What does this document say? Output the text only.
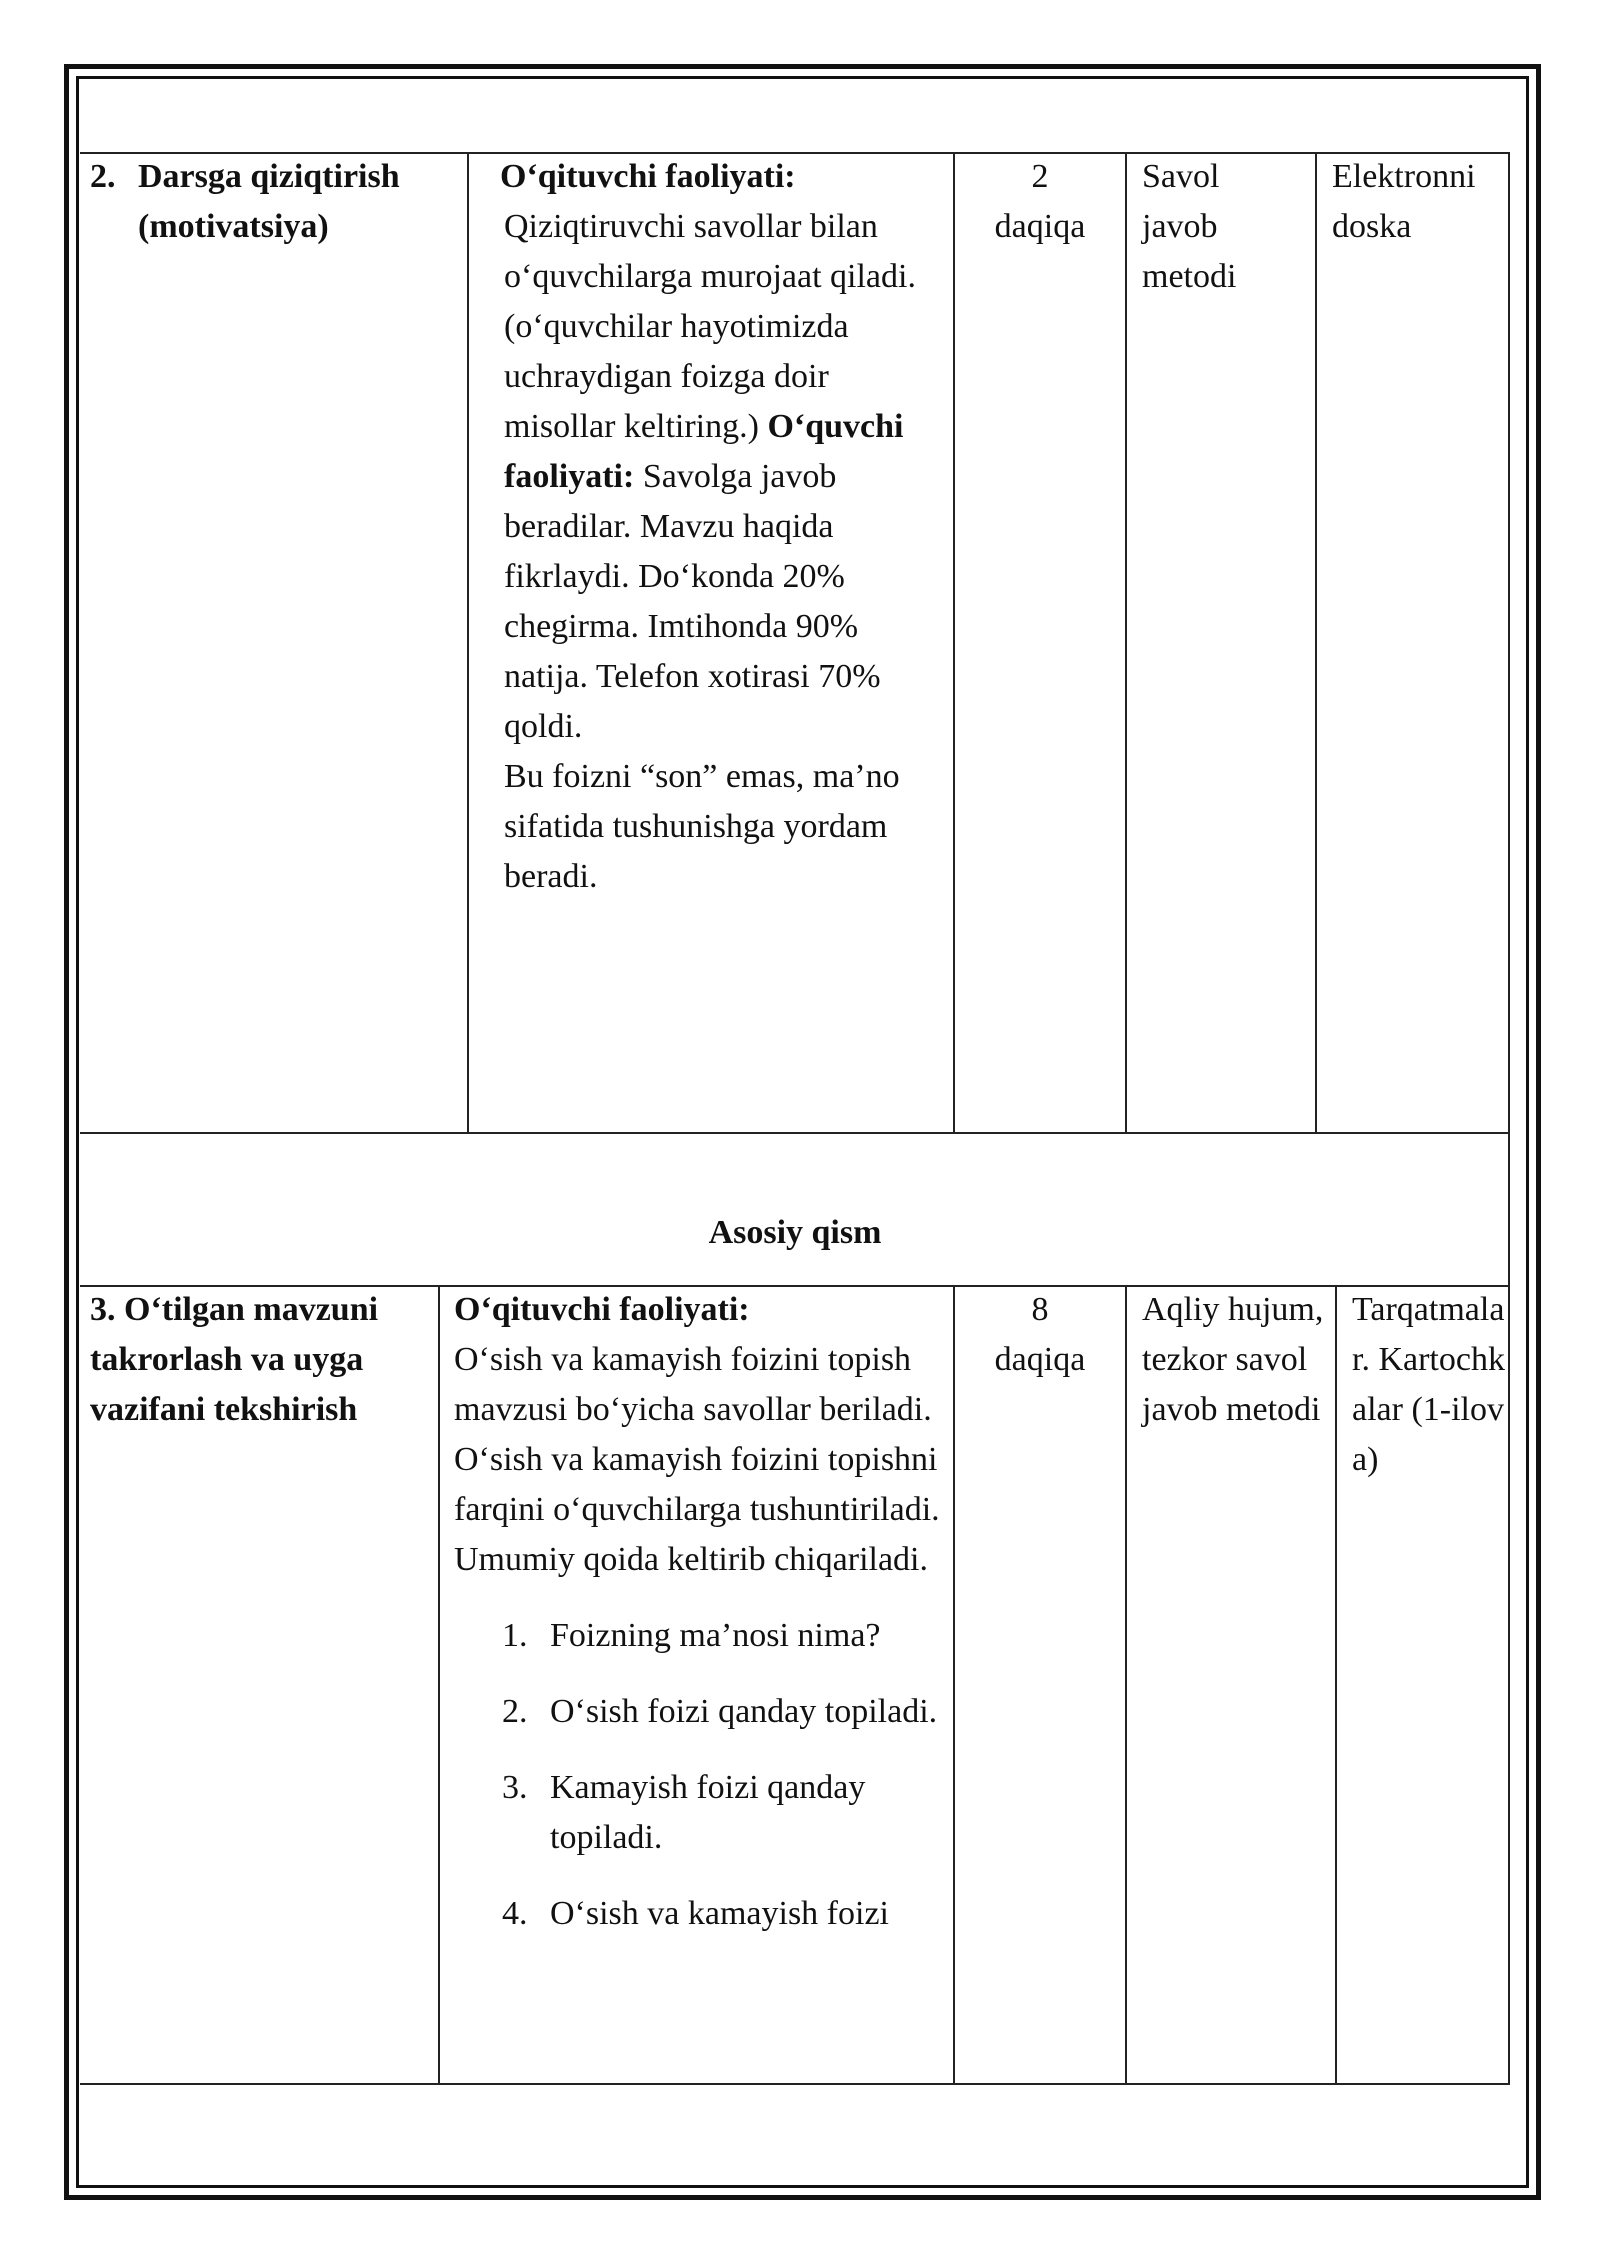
2. Darsga qiziqtirish

(motivatsiya)

O‘qituvchi faoliyati:

Qiziqtiruvchi savollar bilan o‘quvchilarga murojaat qiladi. (o‘quvchilar hayotimizda uchraydigan foizga doir misollar keltiring.) O‘quvchi faoliyati: Savolga javob beradilar. Mavzu haqida fikrlaydi. Do‘konda 20% chegirma. Imtihonda 90% natija. Telefon xotirasi 70% qoldi.

Bu foizni “son” emas, ma’no sifatida tushunishga yordam beradi.

2

daqiqa

Savol

javob

metodi

Elektronni

doska

Asosiy qism
3. O‘tilgan mavzuni takrorlash va uyga vazifani tekshirish

O‘qituvchi faoliyati:

O‘sish va kamayish foizini topish mavzusi bo‘yicha savollar beriladi. O‘sish va kamayish foizini topishni farqini o‘quvchilarga tushuntiriladi. Umumiy qoida keltirib chiqariladi.

1. Foizning ma’nosi nima?
2. O‘sish foizi qanday topiladi.
3. Kamayish foizi qanday topiladi.
4. O‘sish va kamayish foizi

8

daqiqa

Aqliy hujum, tezkor savol javob metodi
Tarqatmalar. Kartochkalar (1-ilova)
